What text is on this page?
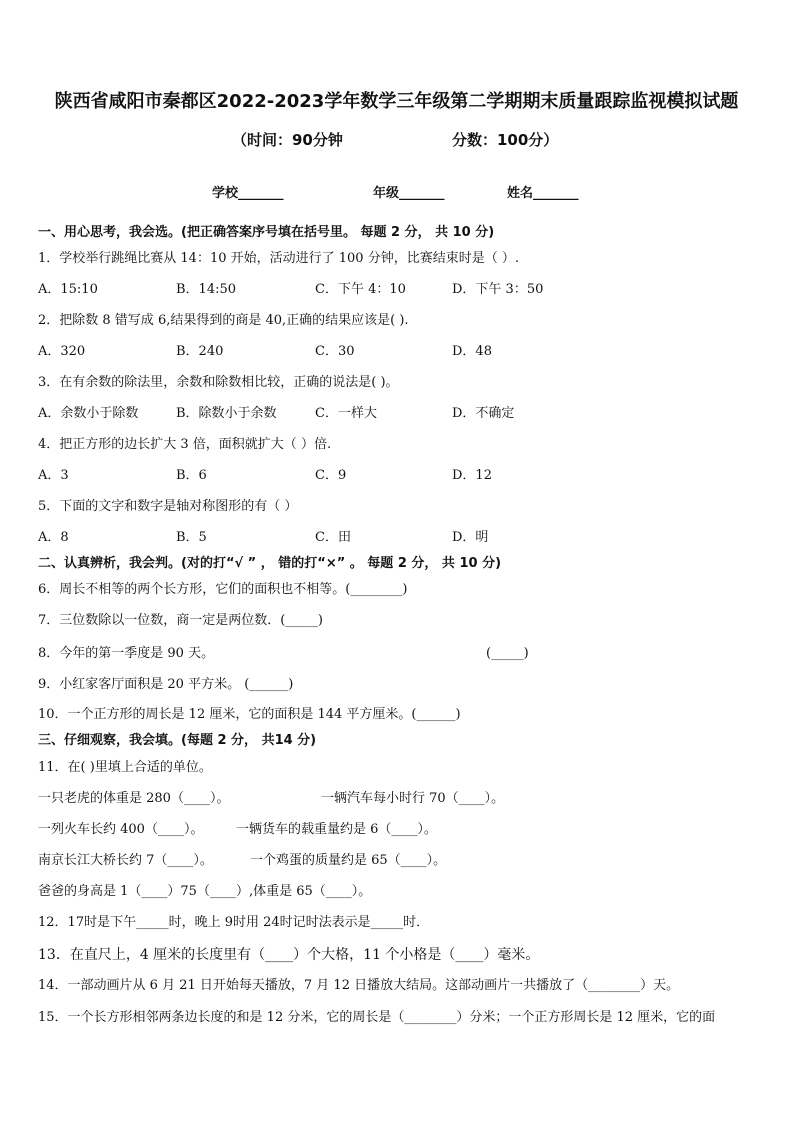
陕西省咸阳市秦都区2022-2023学年数学三年级第二学期期末质量跟踪监视模拟试题
（时间：90分钟	分数：100分）
学校_______	年级_______	姓名_______
一、用心思考，我会选。(把正确答案序号填在括号里。 每题 2 分， 共 10 分)
1．学校举行跳绳比赛从 14：10 开始，活动进行了 100 分钟，比赛结束时是（ ）.
A．15:10	B．14:50	C．下午 4：10	D．下午 3：50
2．把除数 8 错写成 6,结果得到的商是 40,正确的结果应该是( ).
A．320	B．240	C．30	D．48
3．在有余数的除法里，余数和除数相比较，正确的说法是( )。
A．余数小于除数	B．除数小于余数	C．一样大	D．不确定
4．把正方形的边长扩大 3 倍，面积就扩大（ ）倍.
A．3	B．6	C．9	D．12
5．下面的文字和数字是轴对称图形的有（ ）
A．8	B．5	C．田	D．明
二、认真辨析，我会判。(对的打“√ ” ， 错的打“×” 。 每题 2 分， 共 10 分)
6．周长不相等的两个长方形，它们的面积也不相等。(________)
7．三位数除以一位数，商一定是两位数．(_____)
8．今年的第一季度是 90 天。	(_____)
9．小红家客厅面积是 20 平方米。 (______)
10．一个正方形的周长是 12 厘米，它的面积是 144 平方厘米。(______)
三、仔细观察，我会填。(每题 2 分， 共14 分)
11．在( )里填上合适的单位。
一只老虎的体重是 280（____）。	一辆汽车每小时行 70（____）。
一列火车长约 400（____）。	一辆货车的载重量约是 6（____）。
南京长江大桥长约 7（____）。	一个鸡蛋的质量约是 65（____）。
爸爸的身高是 1（____）75（____）,体重是 65（____）。
12．17时是下午_____时，晚上 9时用 24时记时法表示是_____时．
13．在直尺上，4 厘米的长度里有（____）个大格，11 个小格是（____）毫米。
14．一部动画片从 6 月 21 日开始每天播放，7 月 12 日播放大结局。这部动画片一共播放了（________）天。
15．一个长方形相邻两条边长度的和是 12 分米，它的周长是（________）分米；一个正方形周长是 12 厘米，它的面
